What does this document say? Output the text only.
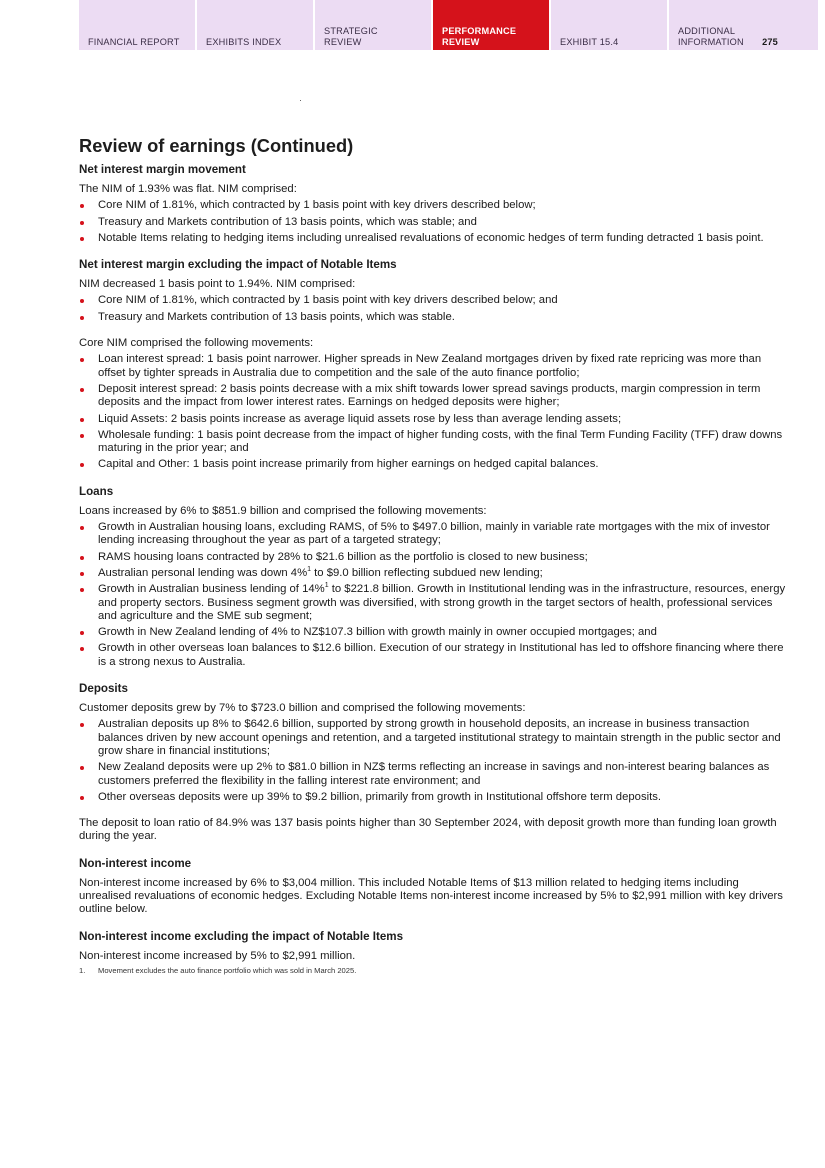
FINANCIAL REPORT	EXHIBITS INDEX
STRATEGIC
REVIEW
PERFORMANCE
REVIEW	EXHIBIT 15.4
ADDITIONAL
INFORMATION 275
Review of earnings (Continued)
Net interest margin movement

The NIM of 1.93% was flat. NIM comprised:

Core NIM of 1.81%, which contracted by 1 basis point with key drivers described below;
Treasury and Markets contribution of 13 basis points, which was stable; and
Notable Items relating to hedging items including unrealised revaluations of economic hedges of term funding detracted 1 basis point.
Net interest margin excluding the impact of Notable Items

NIM decreased 1 basis point to 1.94%. NIM comprised:

Core NIM of 1.81%, which contracted by 1 basis point with key drivers described below; and
Treasury and Markets contribution of 13 basis points, which was stable.

Core NIM comprised the following movements:

Loan interest spread: 1 basis point narrower. Higher spreads in New Zealand mortgages driven by fixed rate repricing was more than offset by tighter spreads in Australia due to competition and the sale of the auto finance portfolio;
Deposit interest spread: 2 basis points decrease with a mix shift towards lower spread savings products, margin compression in term deposits and the impact from lower interest rates. Earnings on hedged deposits were higher;
Liquid Assets: 2 basis points increase as average liquid assets rose by less than average lending assets;
Wholesale funding: 1 basis point decrease from the impact of higher funding costs, with the final Term Funding Facility (TFF) draw downs maturing in the prior year; and
Capital and Other: 1 basis point increase primarily from higher earnings on hedged capital balances.
Loans

Loans increased by 6% to $851.9 billion and comprised the following movements:

Growth in Australian housing loans, excluding RAMS, of 5% to $497.0 billion, mainly in variable rate mortgages with the mix of investor lending increasing throughout the year as part of a targeted strategy;
RAMS housing loans contracted by 28% to $21.6 billion as the portfolio is closed to new business;
Australian personal lending was down 4%$^1$ to $9.0 billion reflecting subdued new lending;
Growth in Australian business lending of 14%$^1$ to $221.8 billion. Growth in Institutional lending was in the infrastructure, resources, energy and property sectors. Business segment growth was diversified, with strong growth in the target sectors of health, professional services and agriculture and the SME sub segment;
Growth in New Zealand lending of 4% to NZ$107.3 billion with growth mainly in owner occupied mortgages; and
Growth in other overseas loan balances to $12.6 billion. Execution of our strategy in Institutional has led to offshore financing where there is a strong nexus to Australia.
Deposits

Customer deposits grew by 7% to $723.0 billion and comprised the following movements:

Australian deposits up 8% to $642.6 billion, supported by strong growth in household deposits, an increase in business transaction balances driven by new account openings and retention, and a targeted institutional strategy to maintain strength in the public sector and grow share in financial institutions;
New Zealand deposits were up 2% to $81.0 billion in NZ$ terms reflecting an increase in savings and non-interest bearing balances as customers preferred the flexibility in the falling interest rate environment; and
Other overseas deposits were up 39% to $9.2 billion, primarily from growth in Institutional offshore term deposits.

The deposit to loan ratio of 84.9% was 137 basis points higher than 30 September 2024, with deposit growth more than funding loan growth during the year.

Non-interest income

Non-interest income increased by 6% to $3,004 million. This included Notable Items of $13 million related to hedging items including unrealised revaluations of economic hedges. Excluding Notable Items non-interest income increased by 5% to $2,991 million with key drivers outline below.

Non-interest income excluding the impact of Notable Items

Non-interest income increased by 5% to $2,991 million.

1. Movement excludes the auto finance portfolio which was sold in March 2025.
